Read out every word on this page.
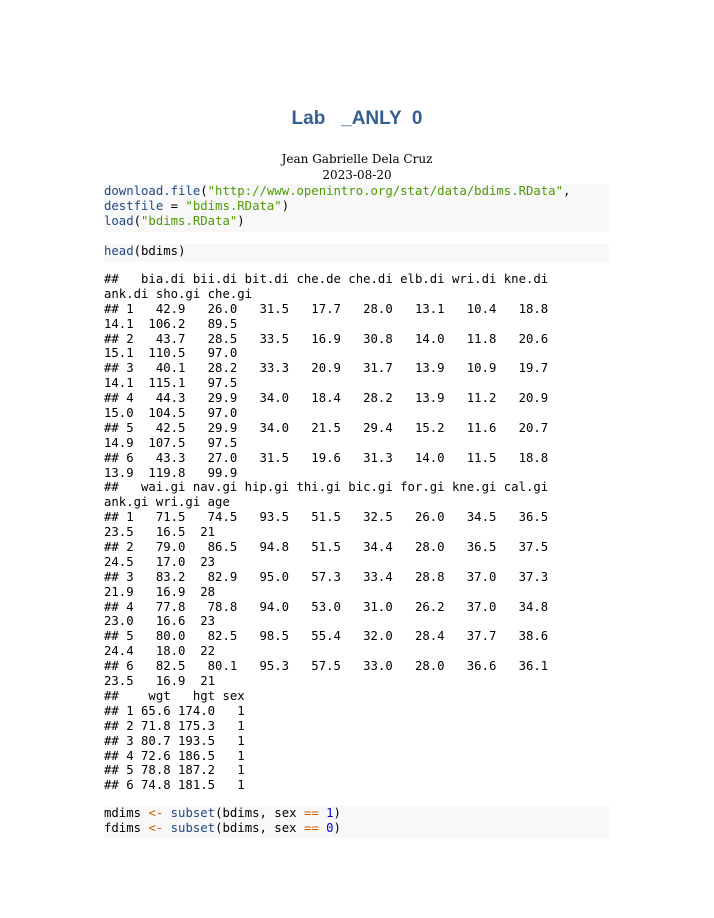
Lab   _ANLY  0
Jean Gabrielle Dela Cruz
2023-08-20
download.file("http://www.openintro.org/stat/data/bdims.RData",
destfile = "bdims.RData")
load("bdims.RData")
head(bdims)
##   bia.di bii.di bit.di che.de che.di elb.di wri.di kne.di
ank.di sho.gi che.gi
## 1   42.9   26.0   31.5   17.7   28.0   13.1   10.4   18.8
14.1  106.2   89.5
## 2   43.7   28.5   33.5   16.9   30.8   14.0   11.8   20.6
15.1  110.5   97.0
## 3   40.1   28.2   33.3   20.9   31.7   13.9   10.9   19.7
14.1  115.1   97.5
## 4   44.3   29.9   34.0   18.4   28.2   13.9   11.2   20.9
15.0  104.5   97.0
## 5   42.5   29.9   34.0   21.5   29.4   15.2   11.6   20.7
14.9  107.5   97.5
## 6   43.3   27.0   31.5   19.6   31.3   14.0   11.5   18.8
13.9  119.8   99.9
##   wai.gi nav.gi hip.gi thi.gi bic.gi for.gi kne.gi cal.gi
ank.gi wri.gi age
## 1   71.5   74.5   93.5   51.5   32.5   26.0   34.5   36.5
23.5   16.5  21
## 2   79.0   86.5   94.8   51.5   34.4   28.0   36.5   37.5
24.5   17.0  23
## 3   83.2   82.9   95.0   57.3   33.4   28.8   37.0   37.3
21.9   16.9  28
## 4   77.8   78.8   94.0   53.0   31.0   26.2   37.0   34.8
23.0   16.6  23
## 5   80.0   82.5   98.5   55.4   32.0   28.4   37.7   38.6
24.4   18.0  22
## 6   82.5   80.1   95.3   57.5   33.0   28.0   36.6   36.1
23.5   16.9  21
##    wgt   hgt sex
## 1 65.6 174.0   1
## 2 71.8 175.3   1
## 3 80.7 193.5   1
## 4 72.6 186.5   1
## 5 78.8 187.2   1
## 6 74.8 181.5   1
mdims <- subset(bdims, sex == 1)
fdims <- subset(bdims, sex == 0)
